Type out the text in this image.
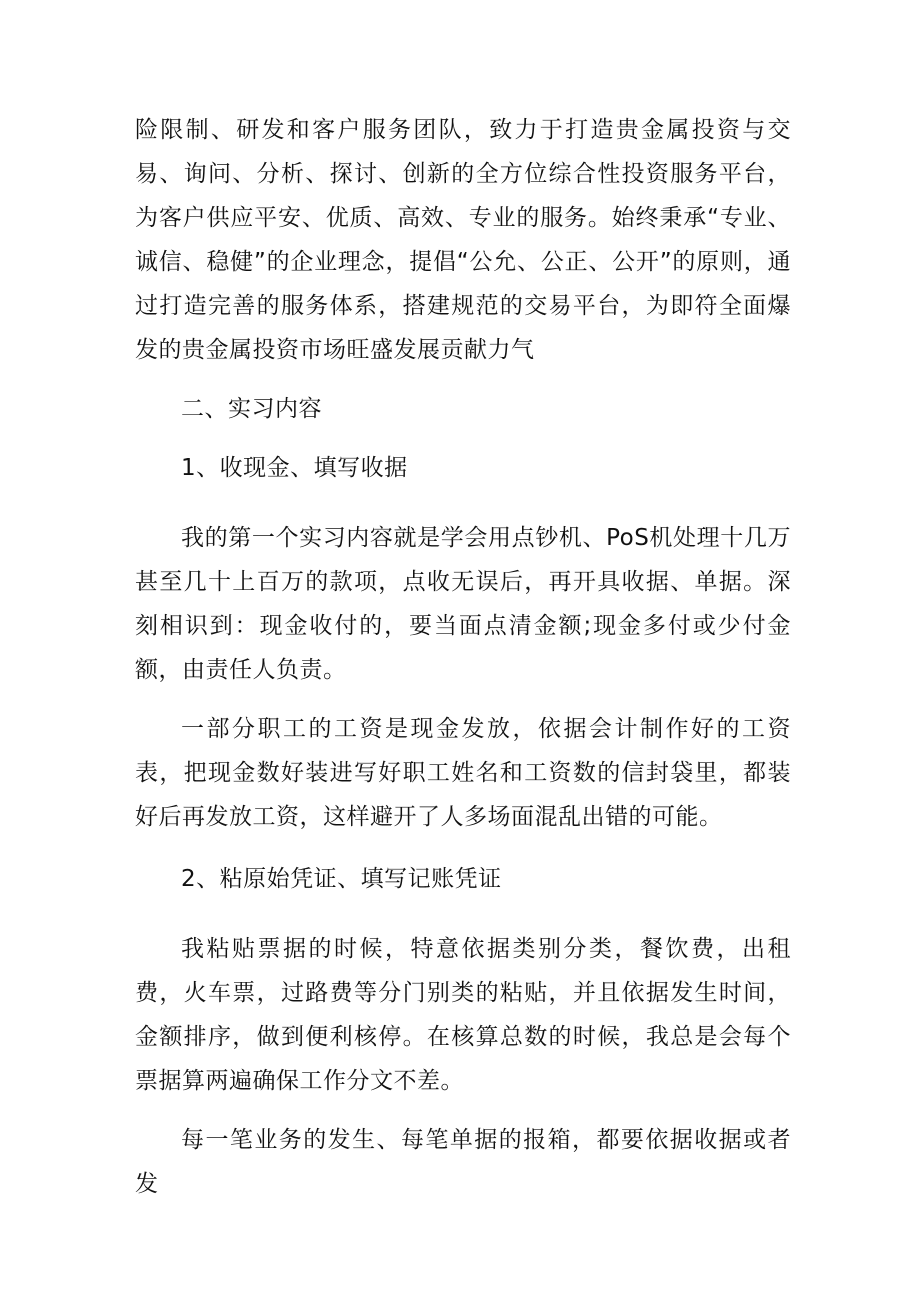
险限制、研发和客户服务团队，致力于打造贵金属投资与交易、询问、分析、探讨、创新的全方位综合性投资服务平台，为客户供应平安、优质、高效、专业的服务。始终秉承“专业、诚信、稳健”的企业理念，提倡“公允、公正、公开”的原则，通过打造完善的服务体系，搭建规范的交易平台，为即符全面爆发的贵金属投资市场旺盛发展贡献力气

二、实习内容

1、收现金、填写收据

我的第一个实习内容就是学会用点钞机、PoS机处理十几万甚至几十上百万的款项，点收无误后，再开具收据、单据。深刻相识到：现金收付的，要当面点清金额;现金多付或少付金额，由责任人负责。

一部分职工的工资是现金发放，依据会计制作好的工资表，把现金数好装进写好职工姓名和工资数的信封袋里，都装好后再发放工资，这样避开了人多场面混乱出错的可能。

2、粘原始凭证、填写记账凭证

我粘贴票据的时候，特意依据类别分类，餐饮费，出租费，火车票，过路费等分门别类的粘贴，并且依据发生时间，金额排序，做到便利核停。在核算总数的时候，我总是会每个票据算两遍确保工作分文不差。

每一笔业务的发生、每笔单据的报箱，都要依据收据或者发
